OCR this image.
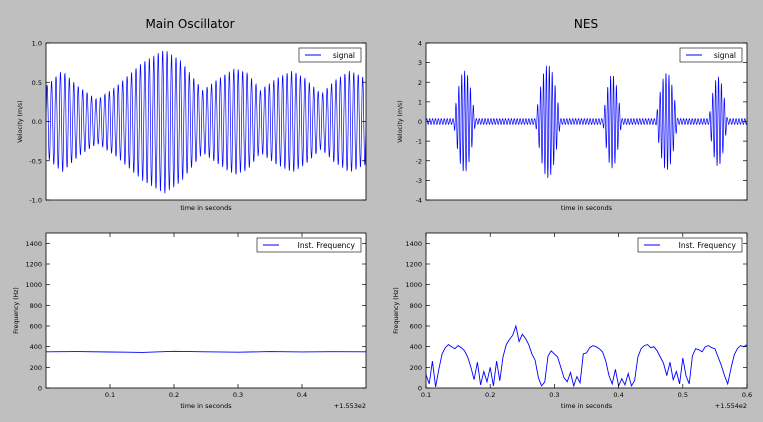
Main Oscillator	NES
-1.0
-0.5
0.0
0.5
1.0
time in seconds
Velocity (m/s)
signal
-4
-3
-2
-1
0
1
2
3
4
time in seconds
Velocity (m/s)
signal
0
200
400
600
800
1000
1200
1400
0.1	0.2	0.3	0.4
+1.553e2
time in seconds
Frequency (Hz)
Inst. Frequency
0
200
400
600
800
1000
1200
1400
0.1	0.2	0.3	0.4	0.5	0.6
+1.554e2
time in seconds
Frequency (Hz)
Inst. Frequency
